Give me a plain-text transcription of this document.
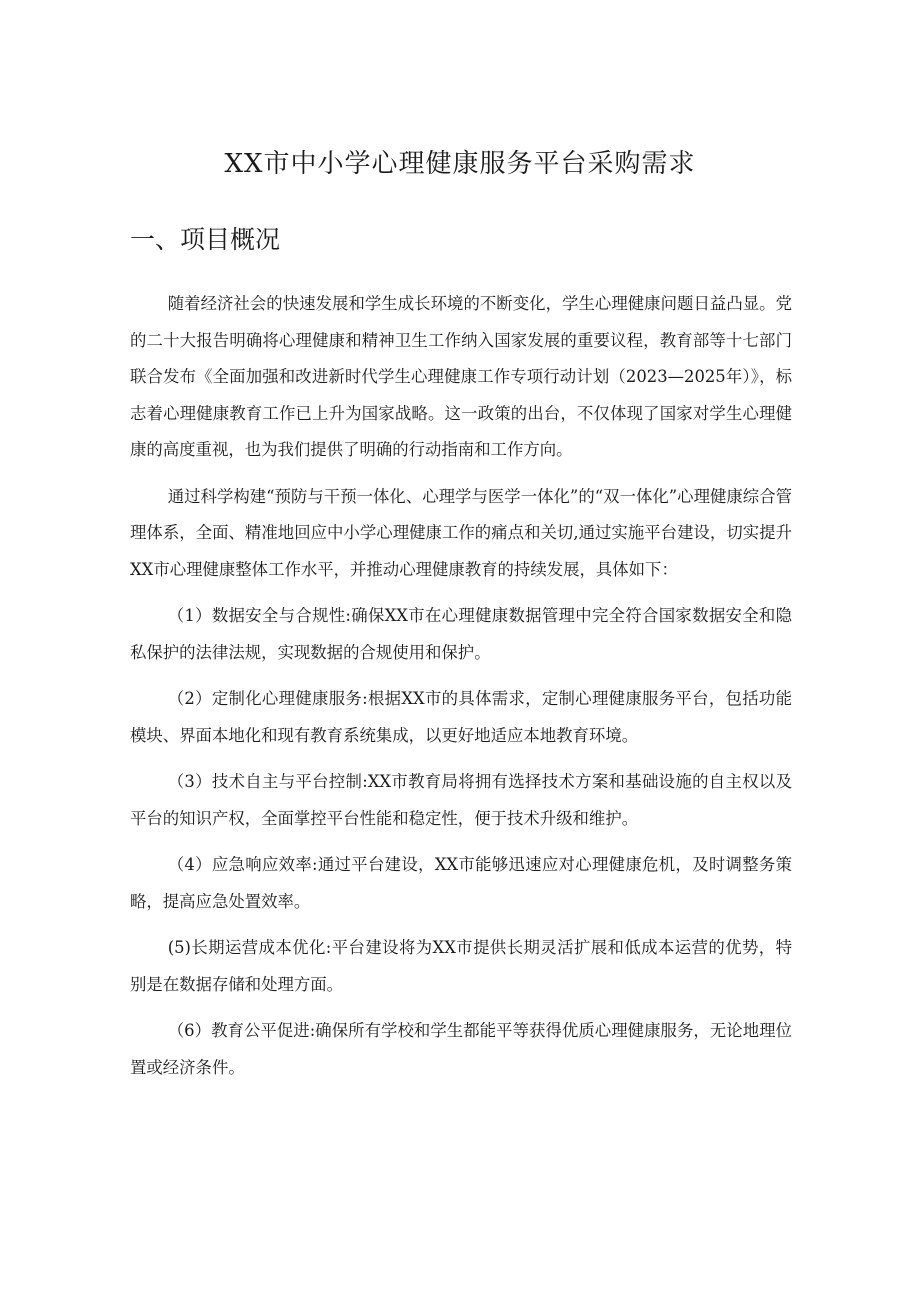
XX市中小学心理健康服务平台采购需求
一、项目概况

随着经济社会的快速发展和学生成长环境的不断变化，学生心理健康问题日益凸显。党的二十大报告明确将心理健康和精神卫生工作纳入国家发展的重要议程，教育部等十七部门联合发布《全面加强和改进新时代学生心理健康工作专项行动计划（2023—2025年）》，标志着心理健康教育工作已上升为国家战略。这一政策的出台，不仅体现了国家对学生心理健康的高度重视，也为我们提供了明确的行动指南和工作方向。

通过科学构建“预防与干预一体化、心理学与医学一体化”的“双一体化”心理健康综合管理体系，全面、精准地回应中小学心理健康工作的痛点和关切,通过实施平台建设，切实提升XX市心理健康整体工作水平，并推动心理健康教育的持续发展，具体如下：

（1）数据安全与合规性:确保XX市在心理健康数据管理中完全符合国家数据安全和隐私保护的法律法规，实现数据的合规使用和保护。

（2）定制化心理健康服务:根据XX市的具体需求，定制心理健康服务平台，包括功能模块、界面本地化和现有教育系统集成，以更好地适应本地教育环境。

（3）技术自主与平台控制:XX市教育局将拥有选择技术方案和基础设施的自主权以及平台的知识产权，全面掌控平台性能和稳定性，便于技术升级和维护。

（4）应急响应效率:通过平台建设，XX市能够迅速应对心理健康危机，及时调整务策略，提高应急处置效率。

(5)长期运营成本优化:平台建设将为XX市提供长期灵活扩展和低成本运营的优势，特别是在数据存储和处理方面。

（6）教育公平促进:确保所有学校和学生都能平等获得优质心理健康服务，无论地理位置或经济条件。
